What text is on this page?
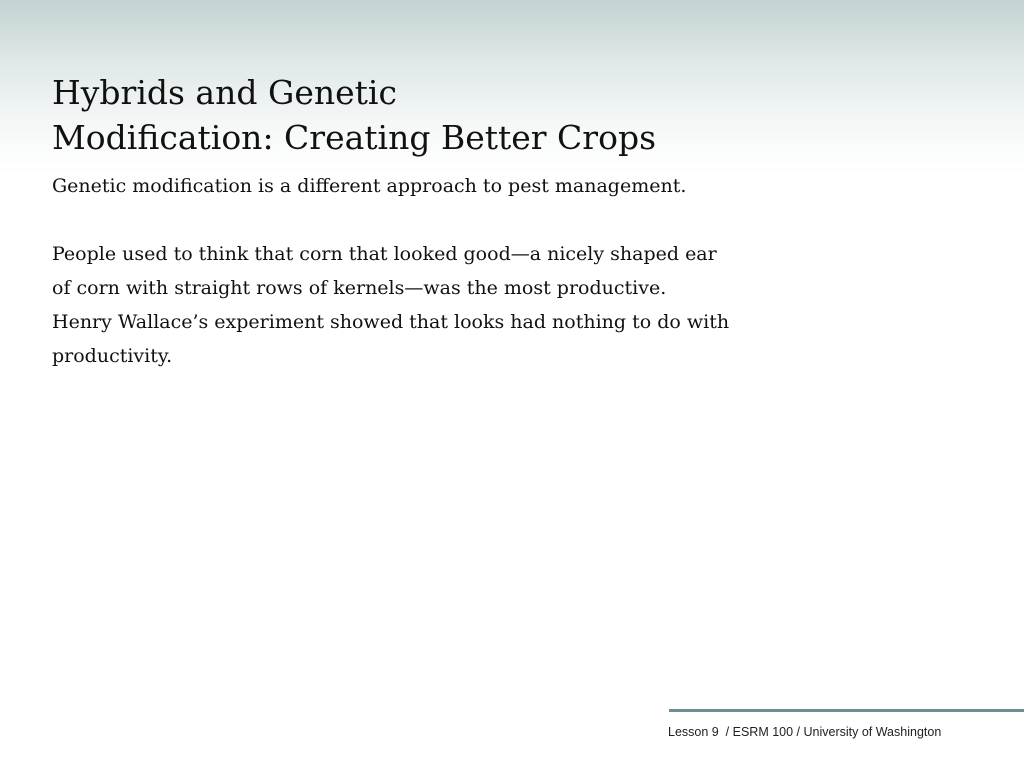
Hybrids and Genetic
Modification: Creating Better Crops

Genetic modification is a different approach to pest management.

People used to think that corn that looked good—a nicely shaped ear of corn with straight rows of kernels—was the most productive. Henry Wallace’s experiment showed that looks had nothing to do with productivity.

Lesson 9  / ESRM 100 / University of Washington
